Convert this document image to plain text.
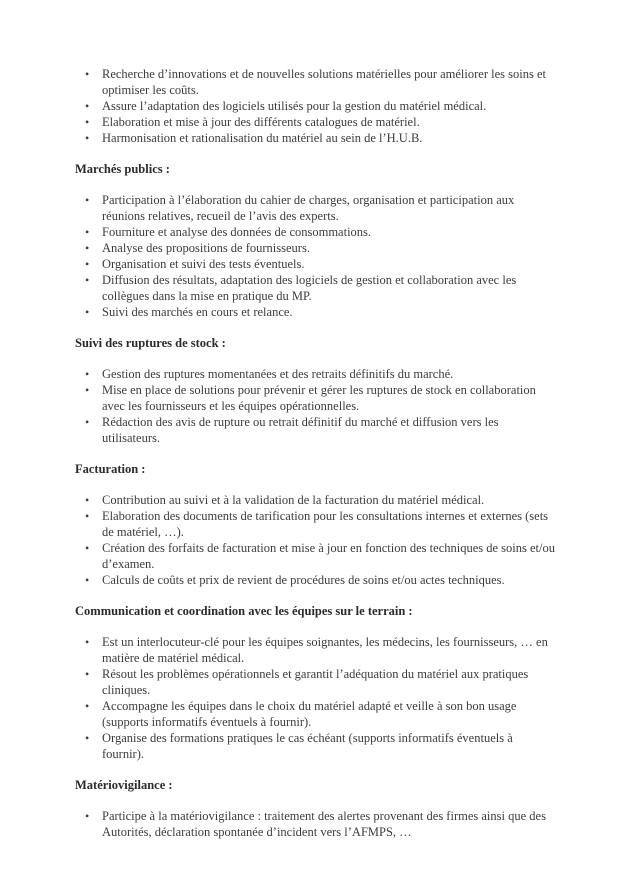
• Recherche d’innovations et de nouvelles solutions matérielles pour améliorer les soins et optimiser les coûts.
• Assure l’adaptation des logiciels utilisés pour la gestion du matériel médical.
• Elaboration et mise à jour des différents catalogues de matériel.
• Harmonisation et rationalisation du matériel au sein de l’H.U.B.
Marchés publics :
• Participation à l’élaboration du cahier de charges, organisation et participation aux réunions relatives, recueil de l’avis des experts.
• Fourniture et analyse des données de consommations.
• Analyse des propositions de fournisseurs.
• Organisation et suivi des tests éventuels.
• Diffusion des résultats, adaptation des logiciels de gestion et collaboration avec les collègues dans la mise en pratique du MP.
• Suivi des marchés en cours et relance.
Suivi des ruptures de stock :
• Gestion des ruptures momentanées et des retraits définitifs du marché.
• Mise en place de solutions pour prévenir et gérer les ruptures de stock en collaboration avec les fournisseurs et les équipes opérationnelles.
• Rédaction des avis de rupture ou retrait définitif du marché et diffusion vers les utilisateurs.
Facturation :
• Contribution au suivi et à la validation de la facturation du matériel médical.
• Elaboration des documents de tarification pour les consultations internes et externes (sets de matériel, …).
• Création des forfaits de facturation et mise à jour en fonction des techniques de soins et/ou d’examen.
• Calculs de coûts et prix de revient de procédures de soins et/ou actes techniques.
Communication et coordination avec les équipes sur le terrain :
• Est un interlocuteur-clé pour les équipes soignantes, les médecins, les fournisseurs, … en matière de matériel médical.
• Résout les problèmes opérationnels et garantit l’adéquation du matériel aux pratiques cliniques.
• Accompagne les équipes dans le choix du matériel adapté et veille à son bon usage (supports informatifs éventuels à fournir).
• Organise des formations pratiques le cas échéant (supports informatifs éventuels à fournir).
Matériovigilance :
• Participe à la matériovigilance : traitement des alertes provenant des firmes ainsi que des Autorités, déclaration spontanée d’incident vers l’AFMPS, …
